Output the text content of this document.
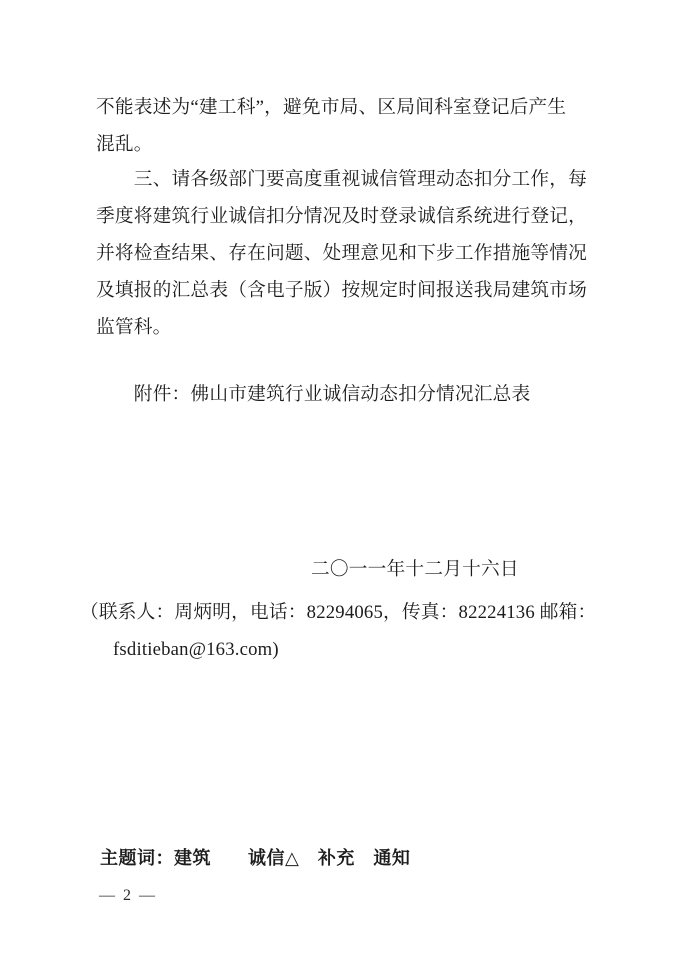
不能表述为“建工科”，避免市局、区局间科室登记后产生
混乱。
　　三、请各级部门要高度重视诚信管理动态扣分工作，每
季度将建筑行业诚信扣分情况及时登录诚信系统进行登记，
并将检查结果、存在问题、处理意见和下步工作措施等情况
及填报的汇总表（含电子版）按规定时间报送我局建筑市场
监管科。
　　附件：佛山市建筑行业诚信动态扣分情况汇总表
二〇一一年十二月十六日
（联系人：周炳明，电话：82294065，传真：82224136 邮箱：
fsditieban@163.com)
主题词：建筑　　诚信△　补充　通知
— 2 —
